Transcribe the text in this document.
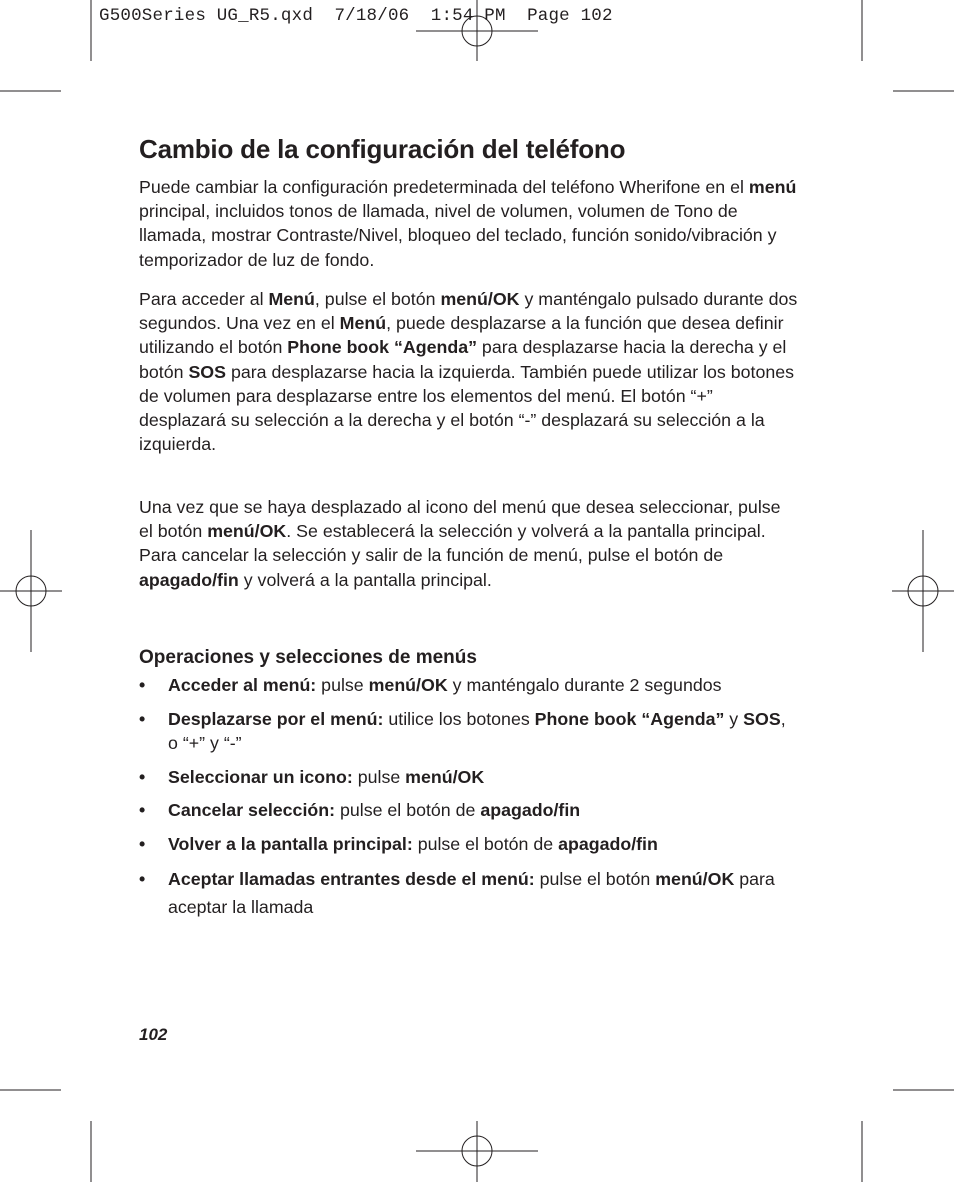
G500Series UG_R5.qxd  7/18/06  1:54 PM  Page 102
Cambio de la configuración del teléfono

Puede cambiar la configuración predeterminada del teléfono Wherifone en el menú principal, incluidos tonos de llamada, nivel de volumen, volumen de Tono de llamada, mostrar Contraste/Nivel, bloqueo del teclado, función sonido/vibración y temporizador de luz de fondo.

Para acceder al Menú, pulse el botón menú/OK y manténgalo pulsado durante dos segundos. Una vez en el Menú, puede desplazarse a la función que desea definir utilizando el botón Phone book “Agenda” para desplazarse hacia la derecha y el botón SOS para desplazarse hacia la izquierda. También puede utilizar los botones de volumen para desplazarse entre los elementos del menú. El botón “+” desplazará su selección a la derecha y el botón “-” desplazará su selección a la izquierda.

Una vez que se haya desplazado al icono del menú que desea seleccionar, pulse el botón menú/OK. Se establecerá la selección y volverá a la pantalla principal. Para cancelar la selección y salir de la función de menú, pulse el botón de apagado/fin y volverá a la pantalla principal.

Operaciones y selecciones de menús
• Acceder al menú: pulse menú/OK y manténgalo durante 2 segundos
• Desplazarse por el menú: utilice los botones Phone book “Agenda” y SOS, o “+” y “-”
• Seleccionar un icono: pulse menú/OK
• Cancelar selección: pulse el botón de apagado/fin
• Volver a la pantalla principal: pulse el botón de apagado/fin
• Aceptar llamadas entrantes desde el menú: pulse el botón menú/OK para aceptar la llamada
102
